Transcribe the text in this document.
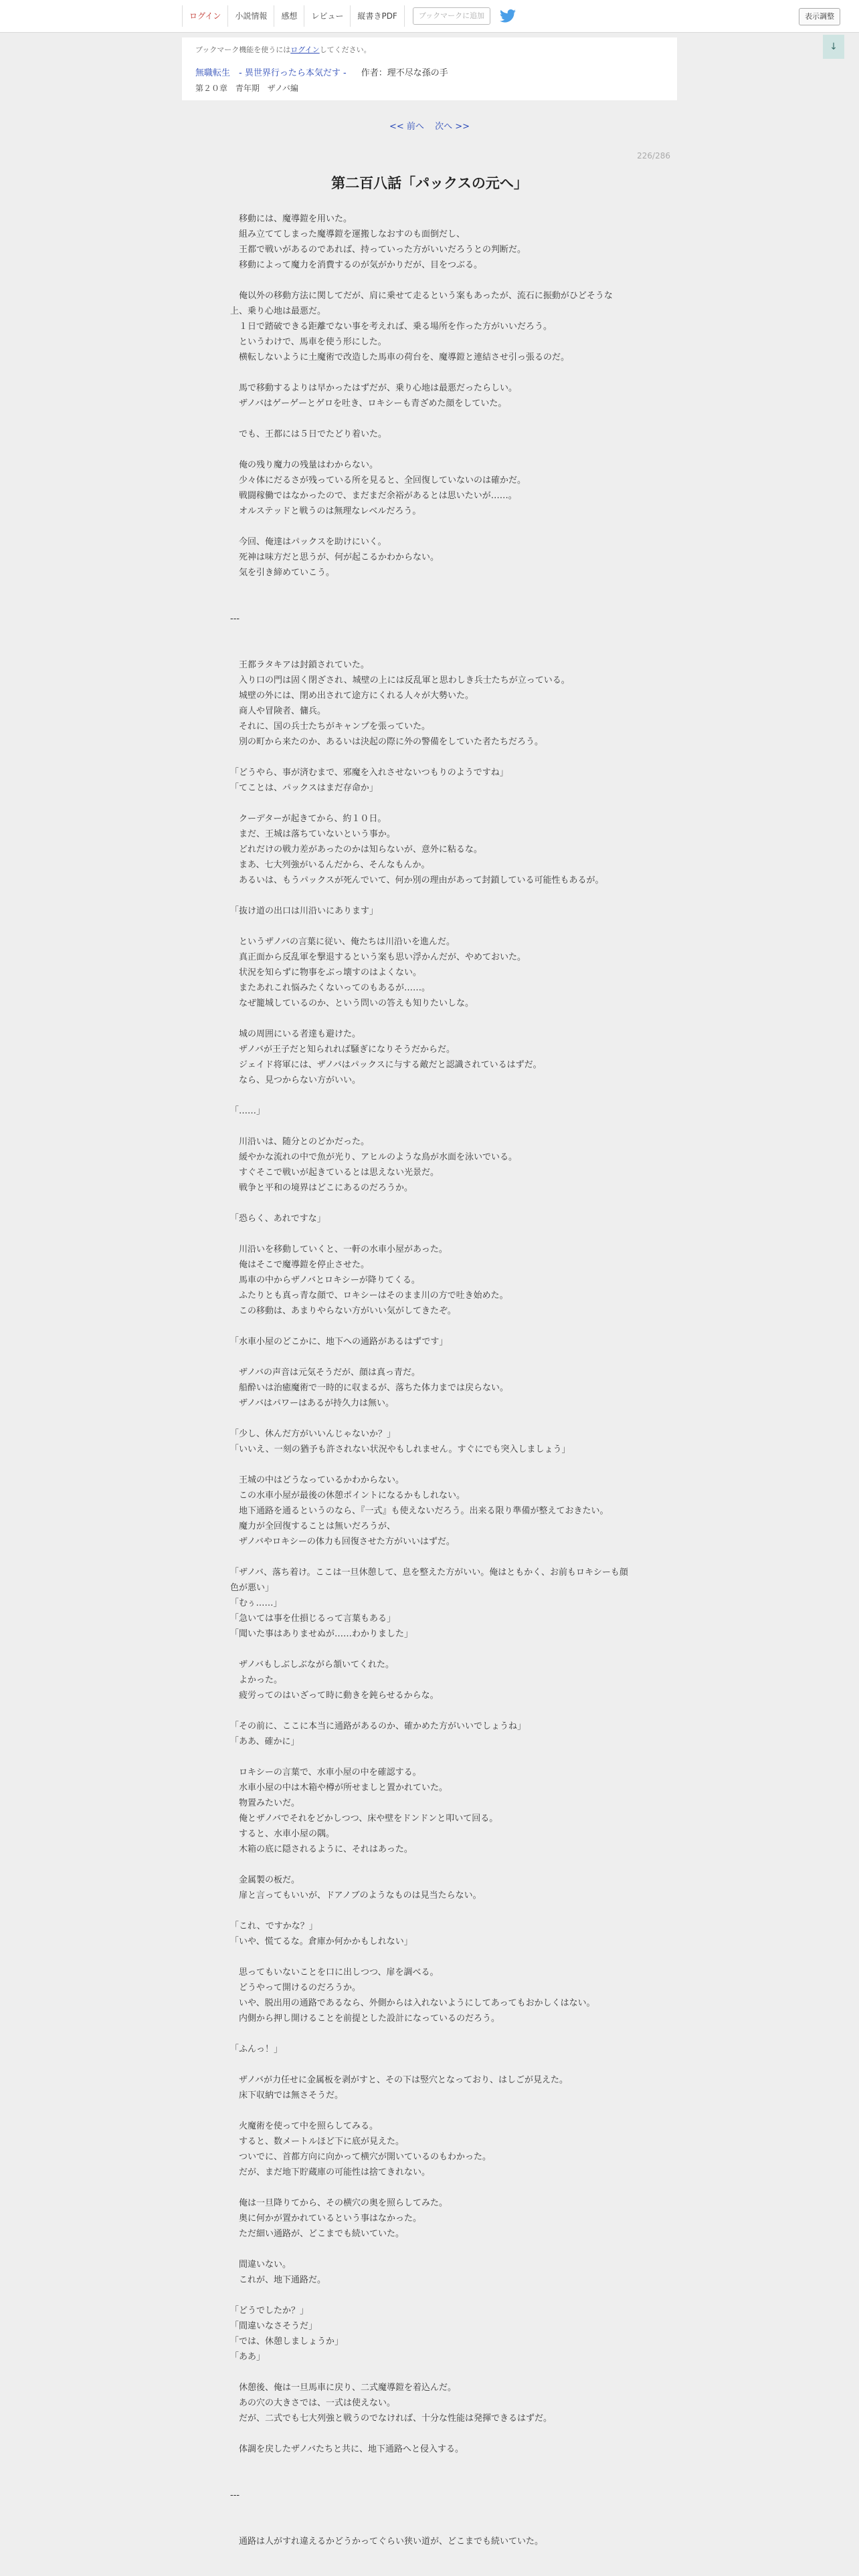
ログイン	小説情報	感想	レビュー	縦書きPDF	ブックマークに追加	表示調整
ブックマーク機能を使うにはログインしてください。
無職転生　- 異世界行ったら本気だす - 作者：理不尽な孫の手
第２０章 青年期 ザノバ編
↓
<< 前へ 次へ >>
226/286
第二百八話「パックスの元へ」
　移動には、魔導鎧を用いた。
　組み立ててしまった魔導鎧を運搬しなおすのも面倒だし、
　王都で戦いがあるのであれば、持っていった方がいいだろうとの判断だ。
　移動によって魔力を消費するのが気がかりだが、目をつぶる。

　俺以外の移動方法に関してだが、肩に乗せて走るという案もあったが、流石に振動がひどそうな上、乗り心地は最悪だ。
　１日で踏破できる距離でない事を考えれば、乗る場所を作った方がいいだろう。
　というわけで、馬車を使う形にした。
　横転しないように土魔術で改造した馬車の荷台を、魔導鎧と連結させ引っ張るのだ。

　馬で移動するよりは早かったはずだが、乗り心地は最悪だったらしい。
　ザノバはゲーゲーとゲロを吐き、ロキシーも青ざめた顔をしていた。

　でも、王都には５日でたどり着いた。

　俺の残り魔力の残量はわからない。
　少々体にだるさが残っている所を見ると、全回復していないのは確かだ。
　戦闘稼働ではなかったので、まだまだ余裕があるとは思いたいが……。
　オルステッドと戦うのは無理なレベルだろう。

　今回、俺達はパックスを助けにいく。
　死神は味方だと思うが、何が起こるかわからない。
　気を引き締めていこう。

---

　王都ラタキアは封鎖されていた。
　入り口の門は固く閉ざされ、城壁の上には反乱軍と思わしき兵士たちが立っている。
　城壁の外には、閉め出されて途方にくれる人々が大勢いた。
　商人や冒険者、傭兵。
　それに、国の兵士たちがキャンプを張っていた。
　別の町から来たのか、あるいは決起の際に外の警備をしていた者たちだろう。

「どうやら、事が済むまで、邪魔を入れさせないつもりのようですね」
「てことは、パックスはまだ存命か」

　クーデターが起きてから、約１０日。
　まだ、王城は落ちていないという事か。
　どれだけの戦力差があったのかは知らないが、意外に粘るな。
　まあ、七大列強がいるんだから、そんなもんか。
　あるいは、もうパックスが死んでいて、何か別の理由があって封鎖している可能性もあるが。

「抜け道の出口は川沿いにあります」

　というザノバの言葉に従い、俺たちは川沿いを進んだ。
　真正面から反乱軍を撃退するという案も思い浮かんだが、やめておいた。
　状況を知らずに物事をぶっ壊すのはよくない。
　またあれこれ悩みたくないってのもあるが……。
　なぜ籠城しているのか、という問いの答えも知りたいしな。

　城の周囲にいる者達も避けた。
　ザノバが王子だと知られれば騒ぎになりそうだからだ。
　ジェイド将軍には、ザノバはパックスに与する敵だと認識されているはずだ。
　なら、見つからない方がいい。

「……」

　川沿いは、随分とのどかだった。
　緩やかな流れの中で魚が光り、アヒルのような鳥が水面を泳いでいる。
　すぐそこで戦いが起きているとは思えない光景だ。
　戦争と平和の境界はどこにあるのだろうか。

「恐らく、あれですな」

　川沿いを移動していくと、一軒の水車小屋があった。
　俺はそこで魔導鎧を停止させた。
　馬車の中からザノバとロキシーが降りてくる。
　ふたりとも真っ青な顔で、ロキシーはそのまま川の方で吐き始めた。
　この移動は、あまりやらない方がいい気がしてきたぞ。

「水車小屋のどこかに、地下への通路があるはずです」

　ザノバの声音は元気そうだが、顔は真っ青だ。
　船酔いは治癒魔術で一時的に収まるが、落ちた体力までは戻らない。
　ザノバはパワーはあるが持久力は無い。

「少し、休んだ方がいいんじゃないか？」
「いいえ、一刻の猶予も許されない状況やもしれません。すぐにでも突入しましょう」

　王城の中はどうなっているかわからない。
　この水車小屋が最後の休憩ポイントになるかもしれない。
　地下通路を通るというのなら、『一式』も使えないだろう。出来る限り準備が整えておきたい。
　魔力が全回復することは無いだろうが、
　ザノバやロキシーの体力も回復させた方がいいはずだ。

「ザノバ、落ち着け。ここは一旦休憩して、息を整えた方がいい。俺はともかく、お前もロキシーも顔色が悪い」
「むぅ……」
「急いては事を仕損じるって言葉もある」
「聞いた事はありませぬが……わかりました」

　ザノバもしぶしぶながら頷いてくれた。
　よかった。
　疲労ってのはいざって時に動きを鈍らせるからな。

「その前に、ここに本当に通路があるのか、確かめた方がいいでしょうね」
「ああ、確かに」

　ロキシーの言葉で、水車小屋の中を確認する。
　水車小屋の中は木箱や樽が所せましと置かれていた。
　物置みたいだ。
　俺とザノバでそれをどかしつつ、床や壁をドンドンと叩いて回る。
　すると、水車小屋の隅。
　木箱の底に隠されるように、それはあった。

　金属製の板だ。
　扉と言ってもいいが、ドアノブのようなものは見当たらない。

「これ、ですかな？」
「いや、慌てるな。倉庫か何かかもしれない」

　思ってもいないことを口に出しつつ、扉を調べる。
　どうやって開けるのだろうか。
　いや、脱出用の通路であるなら、外側からは入れないようにしてあってもおかしくはない。
　内側から押し開けることを前提とした設計になっているのだろう。

「ふんっ！」

　ザノバが力任せに金属板を剥がすと、その下は竪穴となっており、はしごが見えた。
　床下収納では無さそうだ。

　火魔術を使って中を照らしてみる。
　すると、数メートルほど下に底が見えた。
　ついでに、首都方向に向かって横穴が開いているのもわかった。
　だが、まだ地下貯蔵庫の可能性は捨てきれない。

　俺は一旦降りてから、その横穴の奥を照らしてみた。
　奥に何かが置かれているという事はなかった。
　ただ細い通路が、どこまでも続いていた。

　間違いない。
　これが、地下通路だ。

「どうでしたか？」
「間違いなさそうだ」
「では、休憩しましょうか」
「ああ」

　休憩後、俺は一旦馬車に戻り、二式魔導鎧を着込んだ。
　あの穴の大きさでは、一式は使えない。
　だが、二式でも七大列強と戦うのでなければ、十分な性能は発揮できるはずだ。

　体調を戻したザノバたちと共に、地下通路へと侵入する。

---

　通路は人がすれ違えるかどうかってぐらい狭い道が、どこまでも続いていた。
